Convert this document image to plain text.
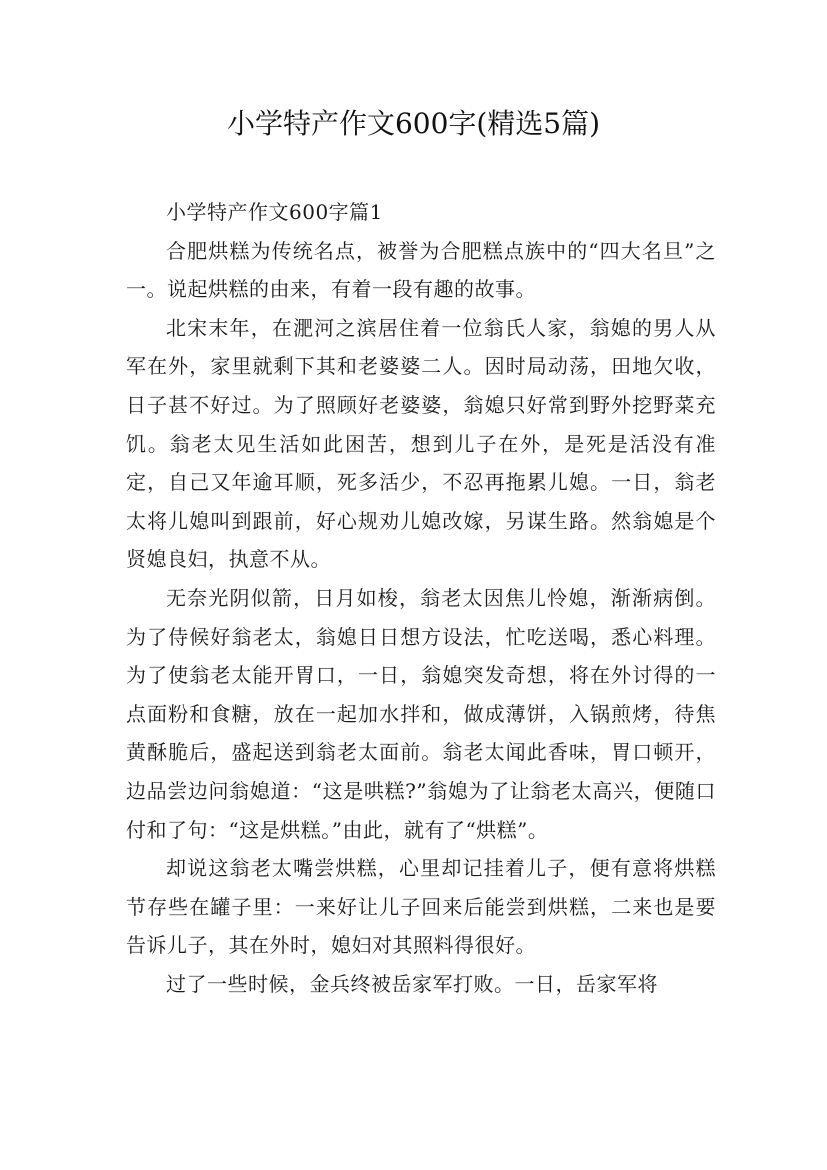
小学特产作文600字(精选5篇)

小学特产作文600字篇1

合肥烘糕为传统名点，被誉为合肥糕点族中的“四大名旦”之一。说起烘糕的由来，有着一段有趣的故事。

北宋末年，在淝河之滨居住着一位翁氏人家，翁媳的男人从军在外，家里就剩下其和老婆婆二人。因时局动荡，田地欠收，日子甚不好过。为了照顾好老婆婆，翁媳只好常到野外挖野菜充饥。翁老太见生活如此困苦，想到儿子在外，是死是活没有准定，自己又年逾耳顺，死多活少，不忍再拖累儿媳。一日，翁老太将儿媳叫到跟前，好心规劝儿媳改嫁，另谋生路。然翁媳是个贤媳良妇，执意不从。

无奈光阴似箭，日月如梭，翁老太因焦儿怜媳，渐渐病倒。为了侍候好翁老太，翁媳日日想方设法，忙吃送喝，悉心料理。为了使翁老太能开胃口，一日，翁媳突发奇想，将在外讨得的一点面粉和食糖，放在一起加水拌和，做成薄饼，入锅煎烤，待焦黄酥脆后，盛起送到翁老太面前。翁老太闻此香味，胃口顿开，边品尝边问翁媳道：“这是哄糕?”翁媳为了让翁老太高兴，便随口付和了句：“这是烘糕。”由此，就有了“烘糕”。

却说这翁老太嘴尝烘糕，心里却记挂着儿子，便有意将烘糕节存些在罐子里：一来好让儿子回来后能尝到烘糕，二来也是要告诉儿子，其在外时，媳妇对其照料得很好。

过了一些时候，金兵终被岳家军打败。一日，岳家军将
